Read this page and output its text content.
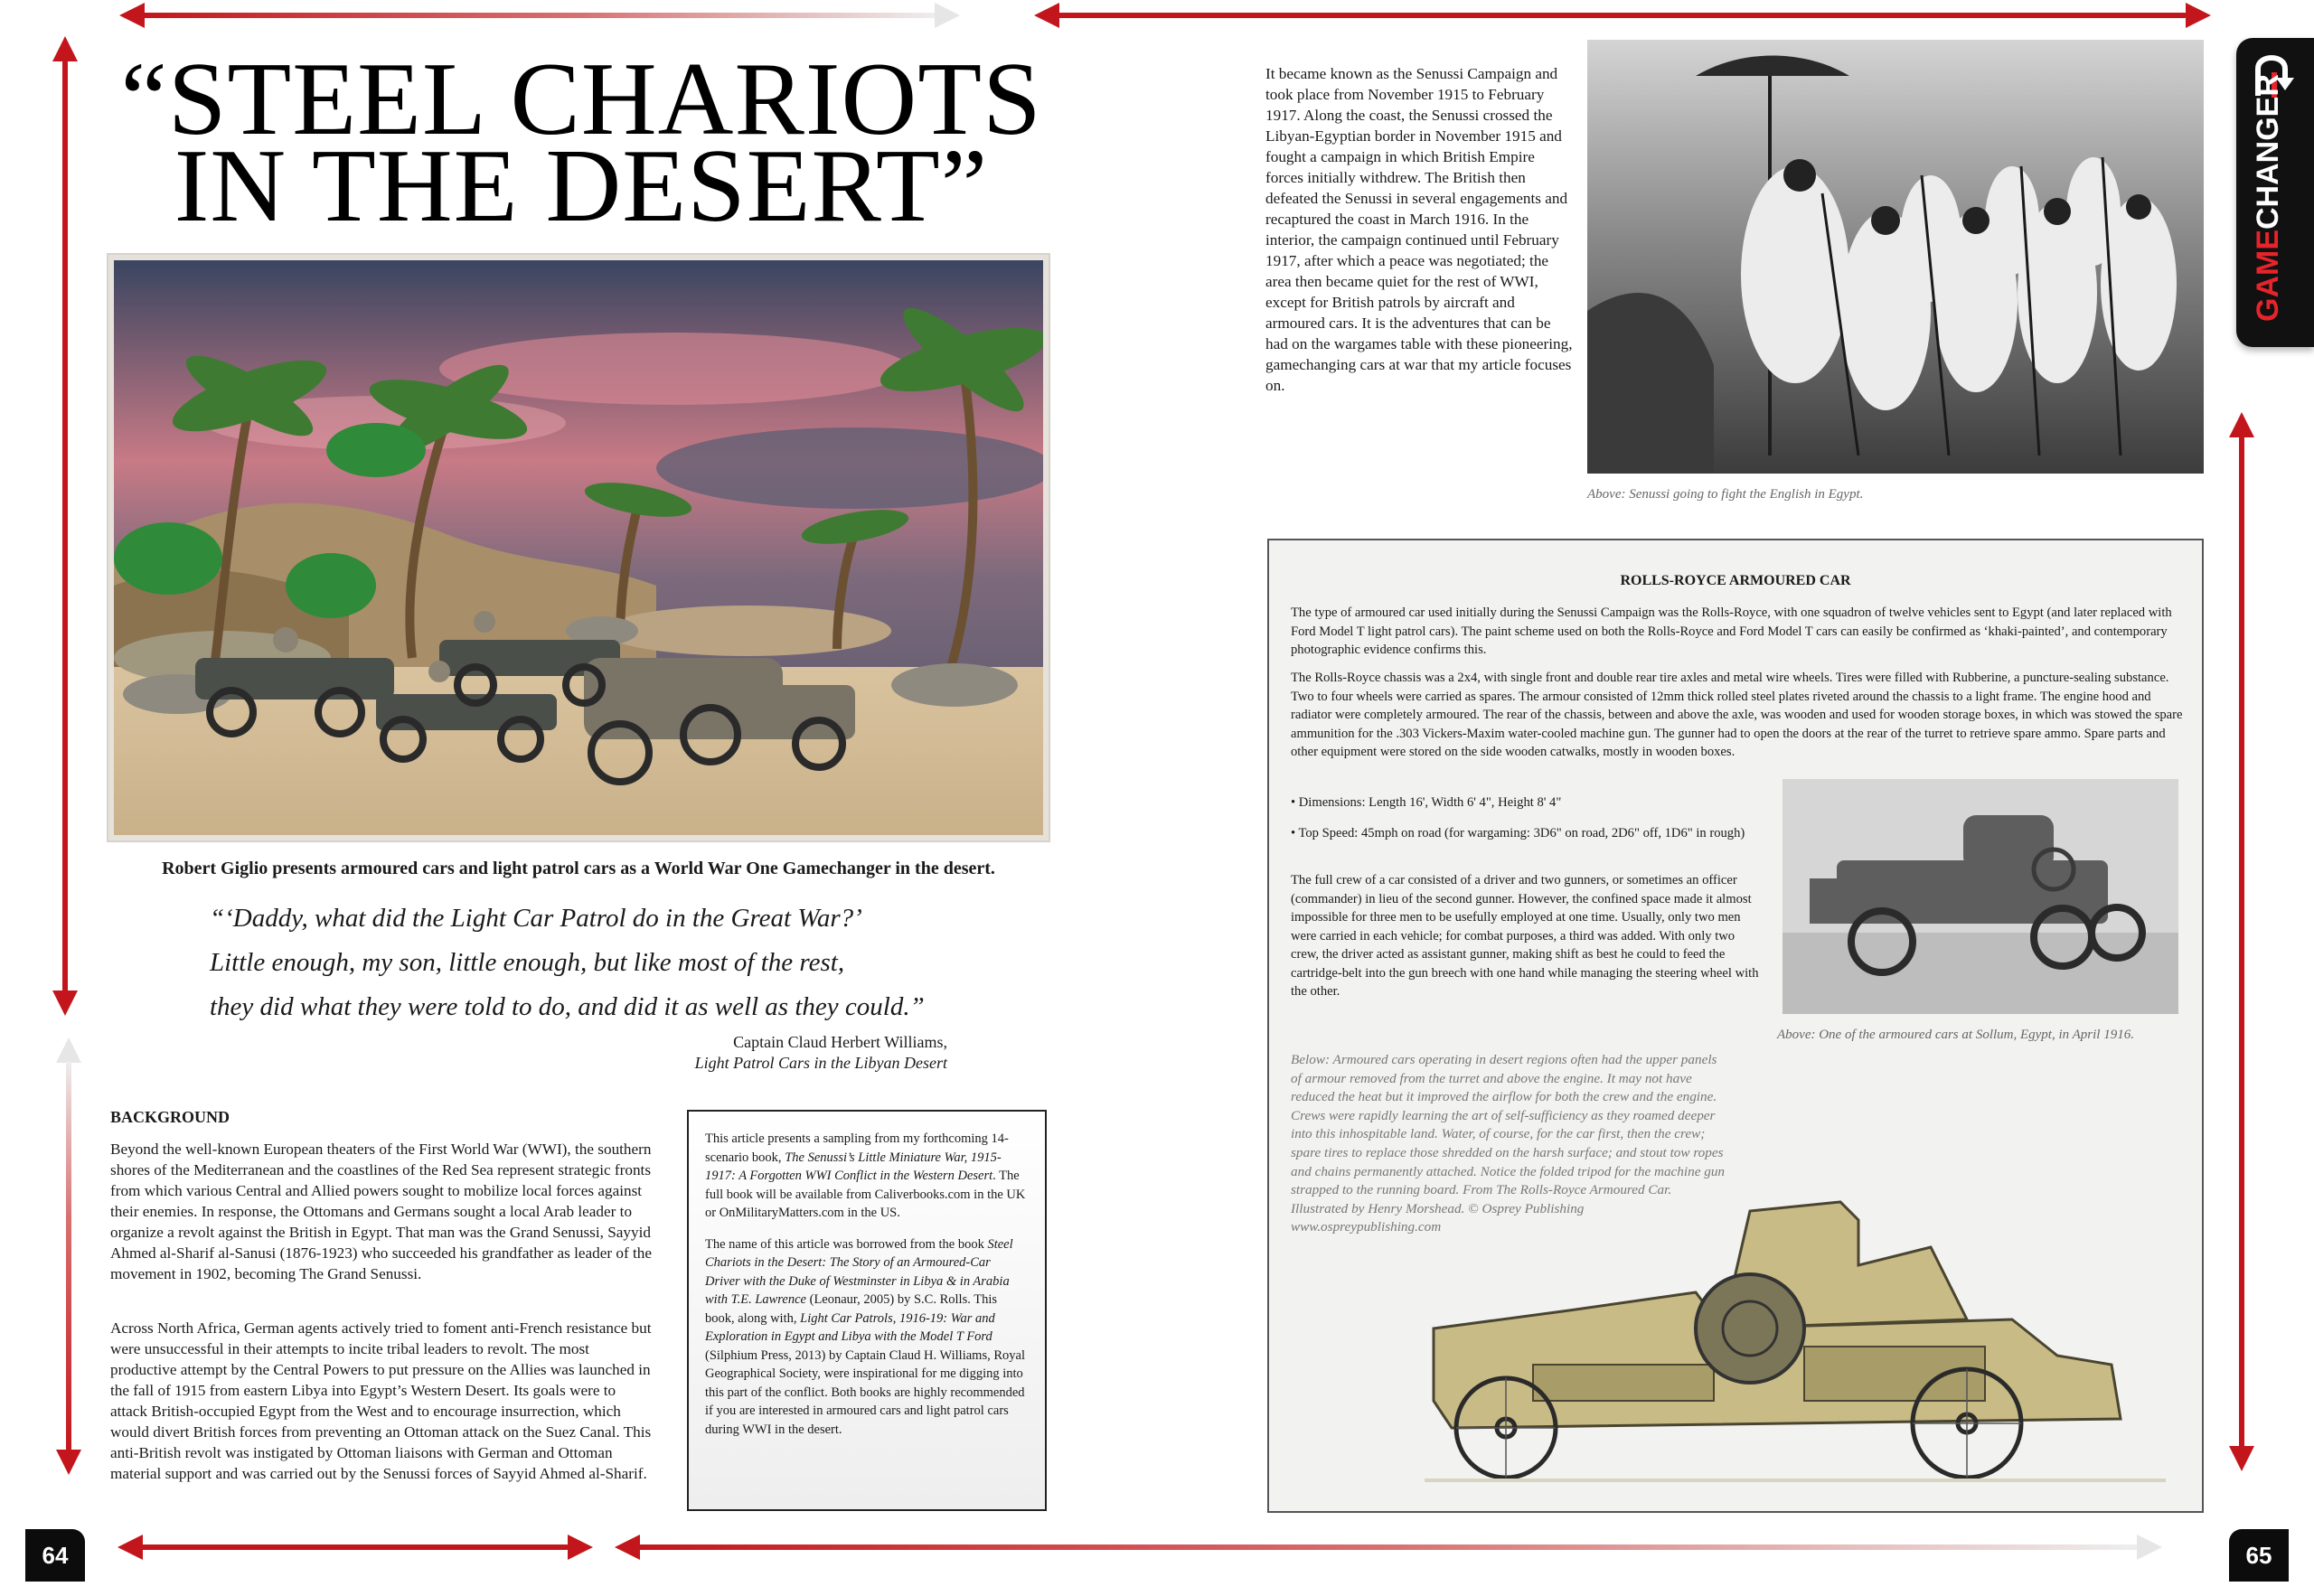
“STEEL CHARIOTS
IN THE DESERT”
Robert Giglio presents armoured cars and light patrol cars as a World War One Gamechanger in the desert.
“‘Daddy, what did the Light Car Patrol do in the Great War?’
Little enough, my son, little enough, but like most of the rest,
they did what they were told to do, and did it as well as they could.”
Captain Claud Herbert Williams,
Light Patrol Cars in the Libyan Desert
BACKGROUND
Beyond the well-known European theaters of the First World War (WWI), the southern shores of the Mediterranean and the coastlines of the Red Sea represent strategic fronts from which various Central and Allied powers sought to mobilize local forces against their enemies. In response, the Ottomans and Germans sought a local Arab leader to organize a revolt against the British in Egypt. That man was the Grand Senussi, Sayyid Ahmed al-Sharif al-Sanusi (1876-1923) who succeeded his grandfather as leader of the movement in 1902, becoming The Grand Senussi.
Across North Africa, German agents actively tried to foment anti-French resistance but were unsuccessful in their attempts to incite tribal leaders to revolt. The most productive attempt by the Central Powers to put pressure on the Allies was launched in the fall of 1915 from eastern Libya into Egypt’s Western Desert. Its goals were to attack British-occupied Egypt from the West and to encourage insurrection, which would divert British forces from preventing an Ottoman attack on the Suez Canal. This anti-British revolt was instigated by Ottoman liaisons with German and Ottoman material support and was carried out by the Senussi forces of Sayyid Ahmed al-Sharif.

This article presents a sampling from my forthcoming 14-scenario book, The Senussi’s Little Miniature War, 1915-1917: A Forgotten WWI Conflict in the Western Desert. The full book will be available from Caliverbooks.com in the UK or OnMilitaryMatters.com in the US.

The name of this article was borrowed from the book Steel Chariots in the Desert: The Story of an Armoured-Car Driver with the Duke of Westminster in Libya & in Arabia with T.E. Lawrence (Leonaur, 2005) by S.C. Rolls. This book, along with, Light Car Patrols, 1916-19: War and Exploration in Egypt and Libya with the Model T Ford (Silphium Press, 2013) by Captain Claud H. Williams, Royal Geographical Society, were inspirational for me digging into this part of the conflict. Both books are highly recommended if you are interested in armoured cars and light patrol cars during WWI in the desert.

It became known as the Senussi Campaign and took place from November 1915 to February 1917. Along the coast, the Senussi crossed the Libyan-Egyptian border in November 1915 and fought a campaign in which British Empire forces initially withdrew. The British then defeated the Senussi in several engagements and recaptured the coast in March 1916. In the interior, the campaign continued until February 1917, after which a peace was negotiated; the area then became quiet for the rest of WWI, except for British patrols by aircraft and armoured cars. It is the adventures that can be had on the wargames table with these pioneering, gamechanging cars at war that my article focuses on.
Above: Senussi going to fight the English in Egypt.
ROLLS-ROYCE ARMOURED CAR
The type of armoured car used initially during the Senussi Campaign was the Rolls-Royce, with one squadron of twelve vehicles sent to Egypt (and later replaced with Ford Model T light patrol cars). The paint scheme used on both the Rolls-Royce and Ford Model T cars can easily be confirmed as ‘khaki-painted’, and contemporary photographic evidence confirms this.
The Rolls-Royce chassis was a 2x4, with single front and double rear tire axles and metal wire wheels. Tires were filled with Rubberine, a puncture-sealing substance. Two to four wheels were carried as spares. The armour consisted of 12mm thick rolled steel plates riveted around the chassis to a light frame. The engine hood and radiator were completely armoured. The rear of the chassis, between and above the axle, was wooden and used for wooden storage boxes, in which was stowed the spare ammunition for the .303 Vickers-Maxim water-cooled machine gun. The gunner had to open the doors at the rear of the turret to retrieve spare ammo. Spare parts and other equipment were stored on the side wooden catwalks, mostly in wooden boxes.
• Dimensions: Length 16', Width 6' 4", Height 8' 4"
• Top Speed: 45mph on road (for wargaming: 3D6" on road, 2D6" off, 1D6" in rough)
The full crew of a car consisted of a driver and two gunners, or sometimes an officer (commander) in lieu of the second gunner. However, the confined space made it almost impossible for three men to be usefully employed at one time. Usually, only two men were carried in each vehicle; for combat purposes, a third was added. With only two crew, the driver acted as assistant gunner, making shift as best he could to feed the cartridge-belt into the gun breech with one hand while managing the steering wheel with the other.
Above: One of the armoured cars at Sollum, Egypt, in April 1916.
Below: Armoured cars operating in desert regions often had the upper panels of armour removed from the turret and above the engine. It may not have reduced the heat but it improved the airflow for both the crew and the engine. Crews were rapidly learning the art of self-sufficiency as they roamed deeper into this inhospitable land. Water, of course, for the car first, then the crew; spare tires to replace those shredded on the harsh surface; and stout tow ropes and chains permanently attached. Notice the folded tripod for the machine gun strapped to the running board. From The Rolls-Royce Armoured Car. Illustrated by Henry Morshead. © Osprey Publishing www.ospreypublishing.com
GAMECHANGER
64	65
